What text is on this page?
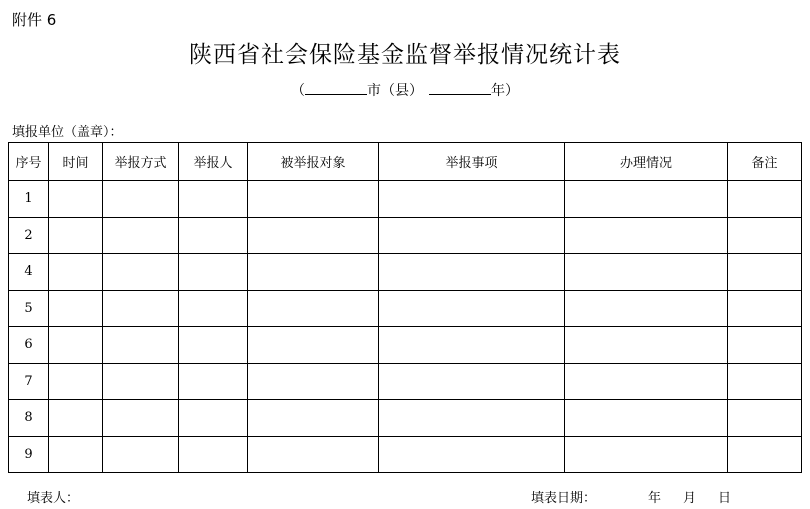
附件 6
陕西省社会保险基金监督举报情况统计表
（	市（县）	年）
填报单位（盖章）：
序号	时间	举报方式	举报人	被举报对象	举报事项	办理情况	备注
1							
2							
4							
5							
6							
7							
8							
9							
填表人：	填表日期：	年 月 日
